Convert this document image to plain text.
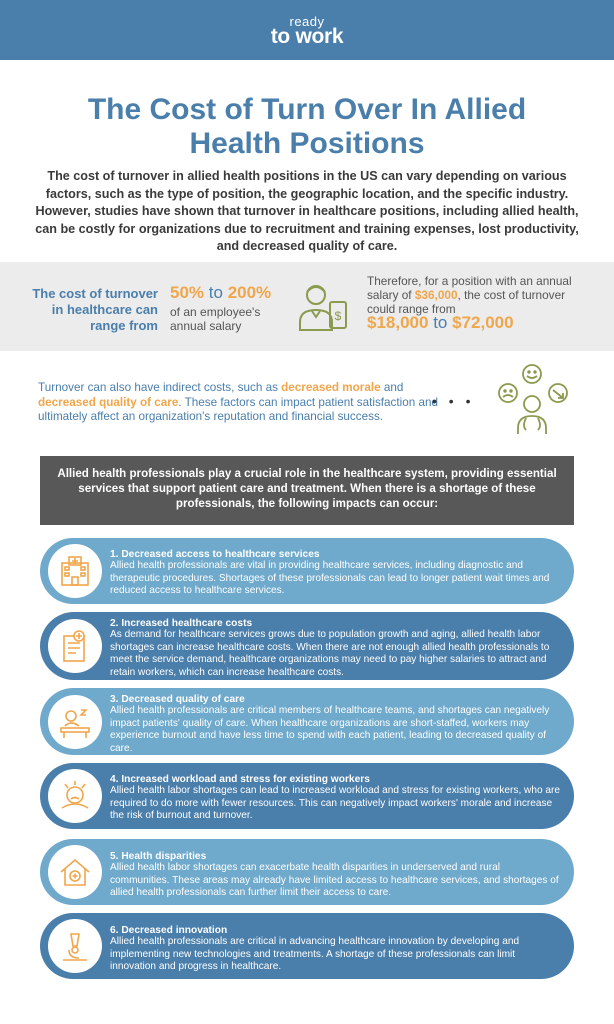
ready
to work
The Cost of Turn Over In Allied Health Positions

The cost of turnover in allied health positions in the US can vary depending on various factors, such as the type of position, the geographic location, and the specific industry. However, studies have shown that turnover in healthcare positions, including allied health, can be costly for organizations due to recruitment and training expenses, lost productivity, and decreased quality of care.

The cost of turnover in healthcare can range from
50% to 200%
of an employee's annual salary
$
Therefore, for a position with an annual salary of $36,000, the cost of turnover could range from
$18,000 to $72,000
Turnover can also have indirect costs, such as decreased morale and decreased quality of care. These factors can impact patient satisfaction and ultimately affect an organization's reputation and financial success.
• • •
Allied health professionals play a crucial role in the healthcare system, providing essential services that support patient care and treatment. When there is a shortage of these professionals, the following impacts can occur:
1. Decreased access to healthcare services
Allied health professionals are vital in providing healthcare services, including diagnostic and therapeutic procedures. Shortages of these professionals can lead to longer patient wait times and reduced access to healthcare services.
2. Increased healthcare costs
As demand for healthcare services grows due to population growth and aging, allied health labor shortages can increase healthcare costs. When there are not enough allied health professionals to meet the service demand, healthcare organizations may need to pay higher salaries to attract and retain workers, which can increase healthcare costs.
3. Decreased quality of care
Allied health professionals are critical members of healthcare teams, and shortages can negatively impact patients' quality of care. When healthcare organizations are short-staffed, workers may experience burnout and have less time to spend with each patient, leading to decreased quality of care.
4. Increased workload and stress for existing workers
Allied health labor shortages can lead to increased workload and stress for existing workers, who are required to do more with fewer resources. This can negatively impact workers' morale and increase the risk of burnout and turnover.
5. Health disparities
Allied health labor shortages can exacerbate health disparities in underserved and rural communities. These areas may already have limited access to healthcare services, and shortages of allied health professionals can further limit their access to care.
6. Decreased innovation
Allied health professionals are critical in advancing healthcare innovation by developing and implementing new technologies and treatments. A shortage of these professionals can limit innovation and progress in healthcare.
